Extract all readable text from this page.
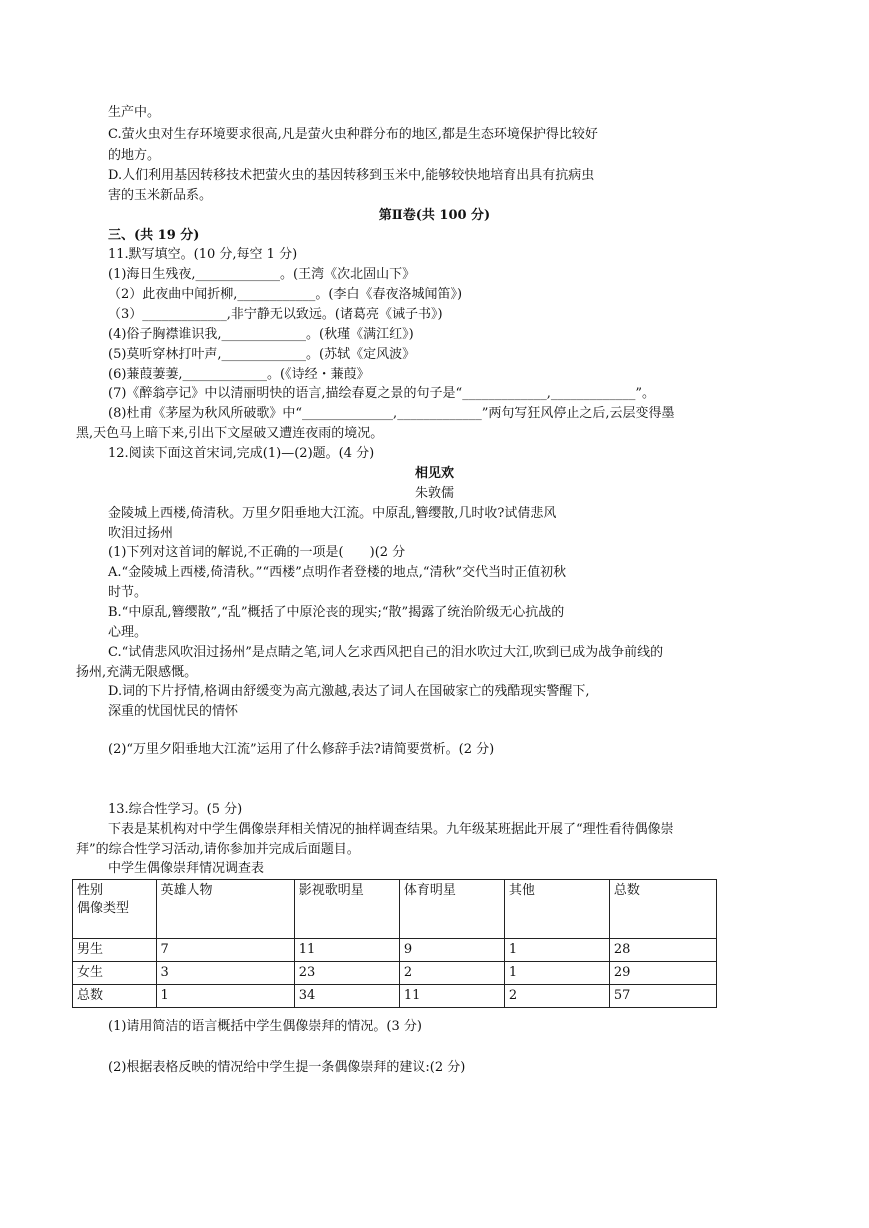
生产中。
C.萤火虫对生存环境要求很高,凡是萤火虫种群分布的地区,都是生态环境保护得比较好
的地方。
D.人们利用基因转移技术把萤火虫的基因转移到玉米中,能够较快地培育出具有抗病虫
害的玉米新品系。
第Ⅱ卷(共 100 分)
三、(共 19 分)
11.默写填空。(10 分,每空 1 分)
(1)海日生残夜,_____________。(王湾《次北固山下》
（2）此夜曲中闻折柳,____________。(李白《春夜洛城闻笛》)
（3）_____________,非宁静无以致远。(诸葛亮《诫子书》)
(4)俗子胸襟谁识我,_____________。(秋瑾《满江红》)
(5)莫听穿林打叶声,_____________。(苏轼《定风波》
(6)蒹葭萋萋,_____________。(《诗经・蒹葭》
(7)《醉翁亭记》中以清丽明快的语言,描绘春夏之景的句子是“_____________,_____________”。
(8)杜甫《茅屋为秋风所破歌》中“______________,_____________”两句写狂风停止之后,云层变得墨
黑,天色马上暗下来,引出下文屋破又遭连夜雨的境况。
12.阅读下面这首宋词,完成(1)—(2)题。(4 分)
相见欢
朱敦儒
金陵城上西楼,倚清秋。万里夕阳垂地大江流。中原乱,簪缨散,几时收?试倩悲风
吹泪过扬州
(1)下列对这首词的解说,不正确的一项是(　　)(2 分
A.“金陵城上西楼,倚清秋。”“西楼”点明作者登楼的地点,“清秋”交代当时正值初秋
时节。
B.“中原乱,簪缨散”,“乱”概括了中原沦丧的现实;“散”揭露了统治阶级无心抗战的
心理。
C.“试倩悲风吹泪过扬州”是点睛之笔,词人乞求西风把自己的泪水吹过大江,吹到已成为战争前线的
扬州,充满无限感慨。
D.词的下片抒情,格调由舒缓变为高亢激越,表达了词人在国破家亡的残酷现实警醒下,
深重的忧国忧民的情怀
(2)“万里夕阳垂地大江流”运用了什么修辞手法?请简要赏析。(2 分)
13.综合性学习。(5 分)
下表是某机构对中学生偶像崇拜相关情况的抽样调查结果。九年级某班据此开展了“理性看待偶像崇
拜”的综合性学习活动,请你参加并完成后面题目。
中学生偶像崇拜情况调查表
性别
偶像类型	英雄人物	影视歌明星	体育明星	其他	总数
男生	7	11	9	1	28
女生	3	23	2	1	29
总数	1	34	11	2	57
(1)请用简洁的语言概括中学生偶像崇拜的情况。(3 分)
(2)根据表格反映的情况给中学生提一条偶像崇拜的建议:(2 分)
